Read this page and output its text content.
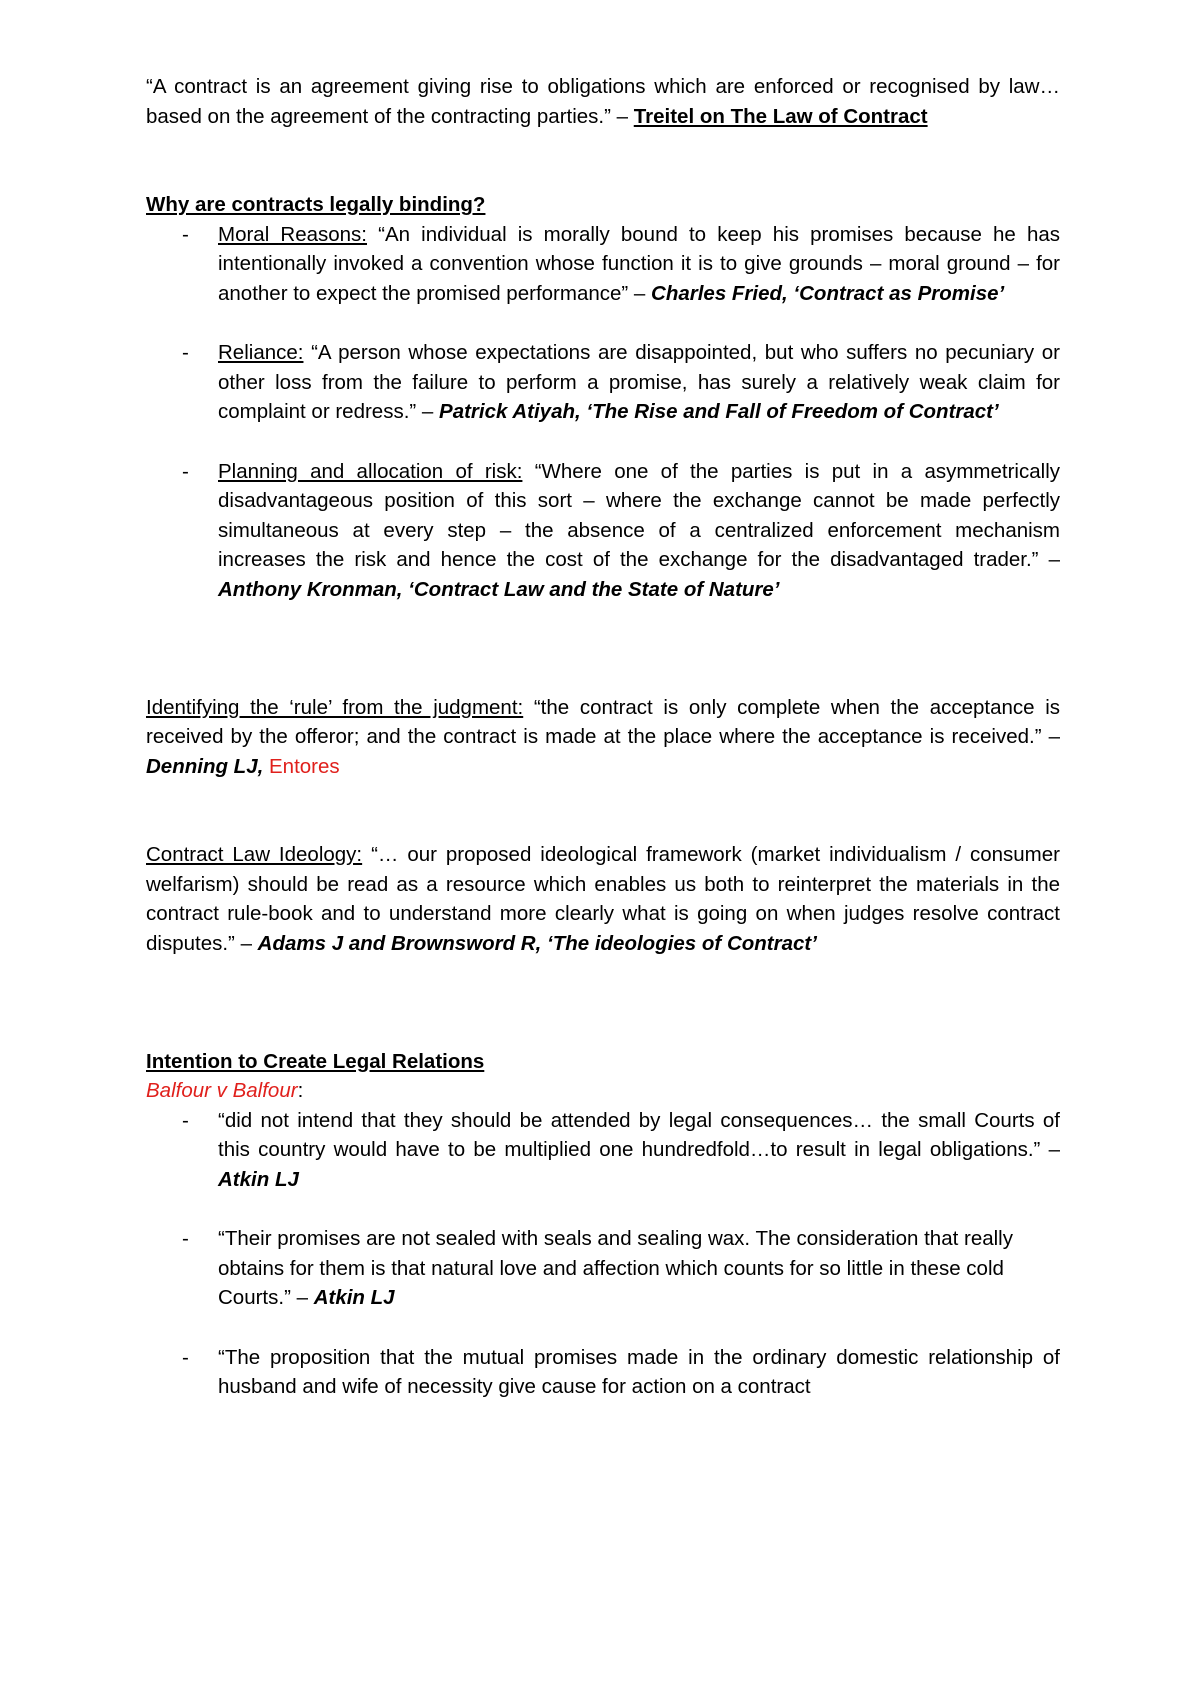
“A contract is an agreement giving rise to obligations which are enforced or recognised by law… based on the agreement of the contracting parties.” – Treitel on The Law of Contract

Why are contracts legally binding?

- Moral Reasons: “An individual is morally bound to keep his promises because he has intentionally invoked a convention whose function it is to give grounds – moral ground – for another to expect the promised performance” – Charles Fried, ‘Contract as Promise’
- Reliance: “A person whose expectations are disappointed, but who suffers no pecuniary or other loss from the failure to perform a promise, has surely a relatively weak claim for complaint or redress.” – Patrick Atiyah, ‘The Rise and Fall of Freedom of Contract’
- Planning and allocation of risk: “Where one of the parties is put in a asymmetrically disadvantageous position of this sort – where the exchange cannot be made perfectly simultaneous at every step – the absence of a centralized enforcement mechanism increases the risk and hence the cost of the exchange for the disadvantaged trader.” – Anthony Kronman, ‘Contract Law and the State of Nature’

Identifying the ‘rule’ from the judgment: “the contract is only complete when the acceptance is received by the offeror; and the contract is made at the place where the acceptance is received.” – Denning LJ, Entores

Contract Law Ideology: “… our proposed ideological framework (market individualism / consumer welfarism) should be read as a resource which enables us both to reinterpret the materials in the contract rule-book and to understand more clearly what is going on when judges resolve contract disputes.” – Adams J and Brownsword R, ‘The ideologies of Contract’

Intention to Create Legal Relations

Balfour v Balfour:

- “did not intend that they should be attended by legal consequences… the small Courts of this country would have to be multiplied one hundredfold…to result in legal obligations.” – Atkin LJ
- “Their promises are not sealed with seals and sealing wax. The consideration that really obtains for them is that natural love and affection which counts for so little in these cold Courts.” – Atkin LJ
- “The proposition that the mutual promises made in the ordinary domestic relationship of husband and wife of necessity give cause for action on a contract
